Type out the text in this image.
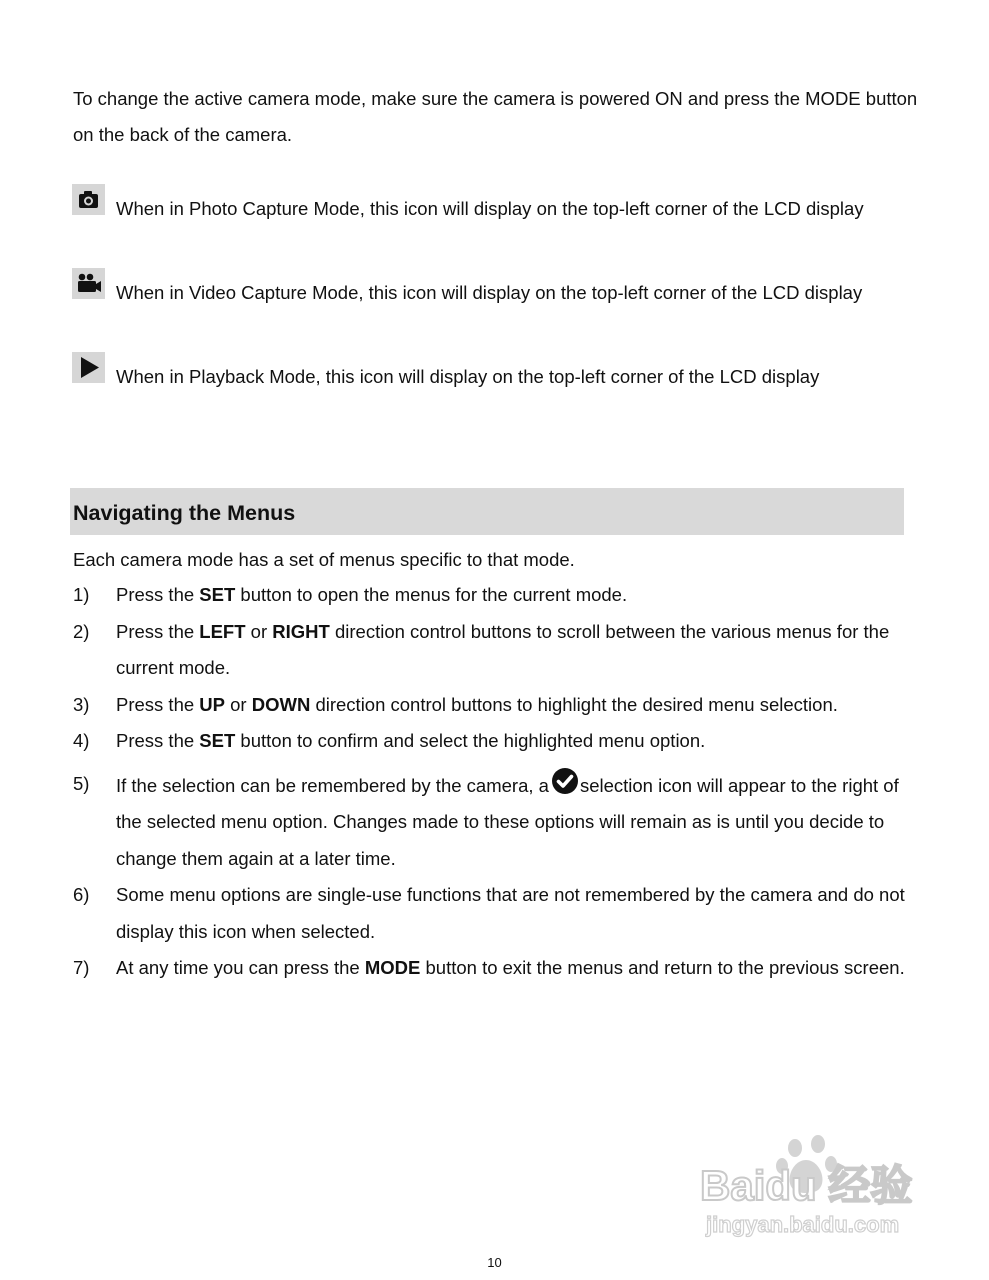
To change the active camera mode, make sure the camera is powered ON and press the MODE button on the back of the camera.

When in Photo Capture Mode, this icon will display on the top-left corner of the LCD display
When in Video Capture Mode, this icon will display on the top-left corner of the LCD display
When in Playback Mode, this icon will display on the top-left corner of the LCD display
Navigating the Menus

Each camera mode has a set of menus specific to that mode.

1) Press the SET button to open the menus for the current mode.
2) Press the LEFT or RIGHT direction control buttons to scroll between the various menus for the current mode.
3) Press the UP or DOWN direction control buttons to highlight the desired menu selection.
4) Press the SET button to confirm and select the highlighted menu option.
5) If the selection can be remembered by the camera, a selection icon will appear to the right of the selected menu option. Changes made to these options will remain as is until you decide to change them again at a later time.
6) Some menu options are single-use functions that are not remembered by the camera and do not display this icon when selected.
7) At any time you can press the MODE button to exit the menus and return to the previous screen.
Baidu 经验
jingyan.baidu.com
10
